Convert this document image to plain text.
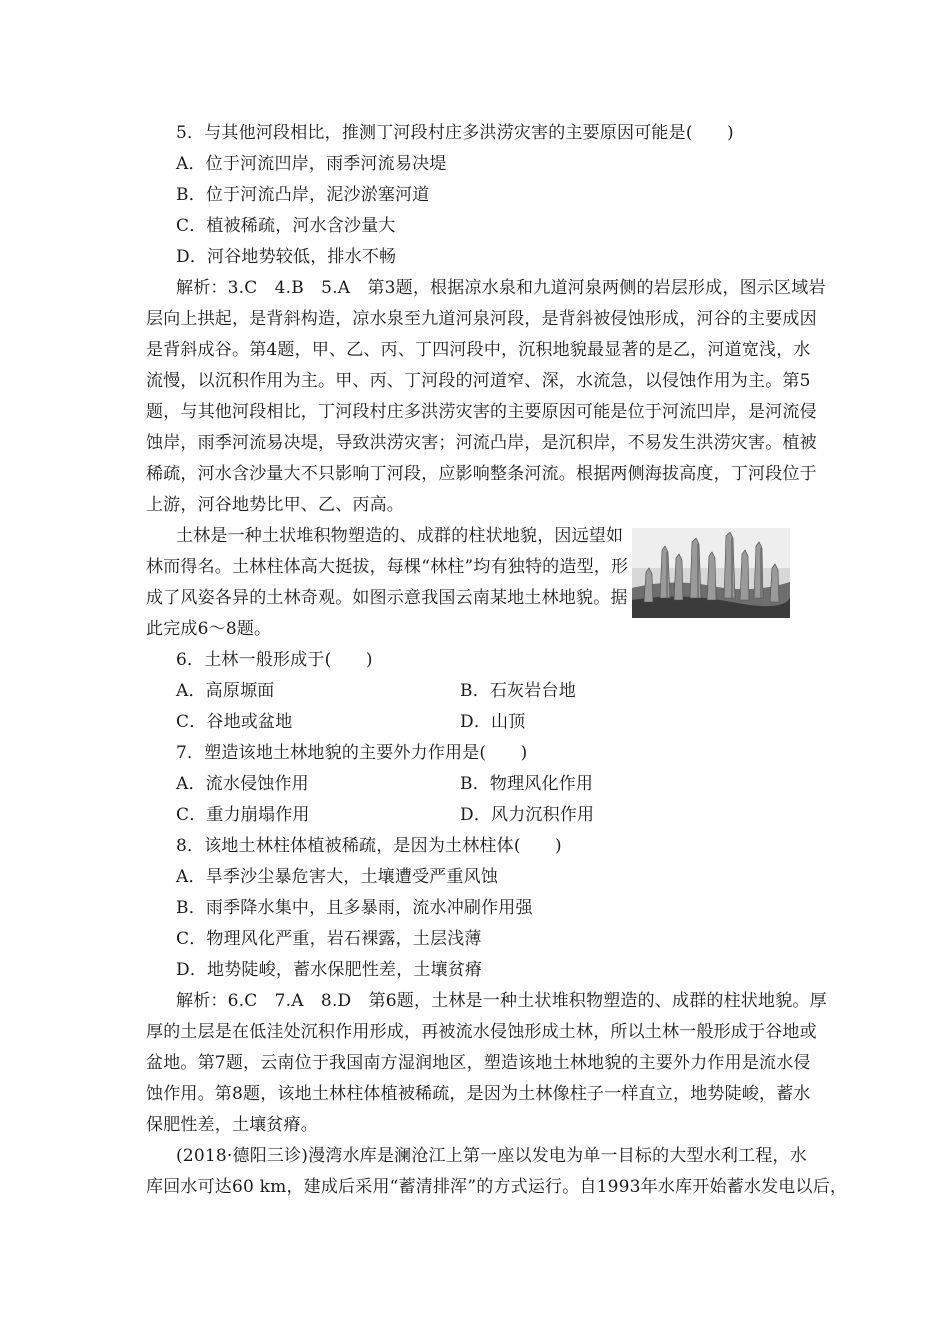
5．与其他河段相比，推测丁河段村庄多洪涝灾害的主要原因可能是(　　)
A．位于河流凹岸，雨季河流易决堤
B．位于河流凸岸，泥沙淤塞河道
C．植被稀疏，河水含沙量大
D．河谷地势较低，排水不畅
解析：3.C　4.B　5.A　第3题，根据凉水泉和九道河泉两侧的岩层形成，图示区域岩
层向上拱起，是背斜构造，凉水泉至九道河泉河段，是背斜被侵蚀形成，河谷的主要成因
是背斜成谷。第4题，甲、乙、丙、丁四河段中，沉积地貌最显著的是乙，河道宽浅，水
流慢，以沉积作用为主。甲、丙、丁河段的河道窄、深，水流急，以侵蚀作用为主。第5
题，与其他河段相比，丁河段村庄多洪涝灾害的主要原因可能是位于河流凹岸，是河流侵
蚀岸，雨季河流易决堤，导致洪涝灾害；河流凸岸，是沉积岸，不易发生洪涝灾害。植被
稀疏，河水含沙量大不只影响丁河段，应影响整条河流。根据两侧海拔高度，丁河段位于
上游，河谷地势比甲、乙、丙高。
土林是一种土状堆积物塑造的、成群的柱状地貌，因远望如
林而得名。土林柱体高大挺拔，每棵“林柱”均有独特的造型，形
成了风姿各异的土林奇观。如图示意我国云南某地土林地貌。据
此完成6～8题。
6．土林一般形成于(　　)
A．高原塬面	B．石灰岩台地
C．谷地或盆地	D．山顶
7．塑造该地土林地貌的主要外力作用是(　　)
A．流水侵蚀作用	B．物理风化作用
C．重力崩塌作用	D．风力沉积作用
8．该地土林柱体植被稀疏，是因为土林柱体(　　)
A．旱季沙尘暴危害大，土壤遭受严重风蚀
B．雨季降水集中，且多暴雨，流水冲刷作用强
C．物理风化严重，岩石裸露，土层浅薄
D．地势陡峻，蓄水保肥性差，土壤贫瘠
解析：6.C　7.A　8.D　第6题，土林是一种土状堆积物塑造的、成群的柱状地貌。厚
厚的土层是在低洼处沉积作用形成，再被流水侵蚀形成土林，所以土林一般形成于谷地或
盆地。第7题，云南位于我国南方湿润地区，塑造该地土林地貌的主要外力作用是流水侵
蚀作用。第8题，该地土林柱体植被稀疏，是因为土林像柱子一样直立，地势陡峻，蓄水
保肥性差，土壤贫瘠。
(2018·德阳三诊)漫湾水库是澜沧江上第一座以发电为单一目标的大型水利工程，水
库回水可达60 km，建成后采用“蓄清排浑”的方式运行。自1993年水库开始蓄水发电以后，
